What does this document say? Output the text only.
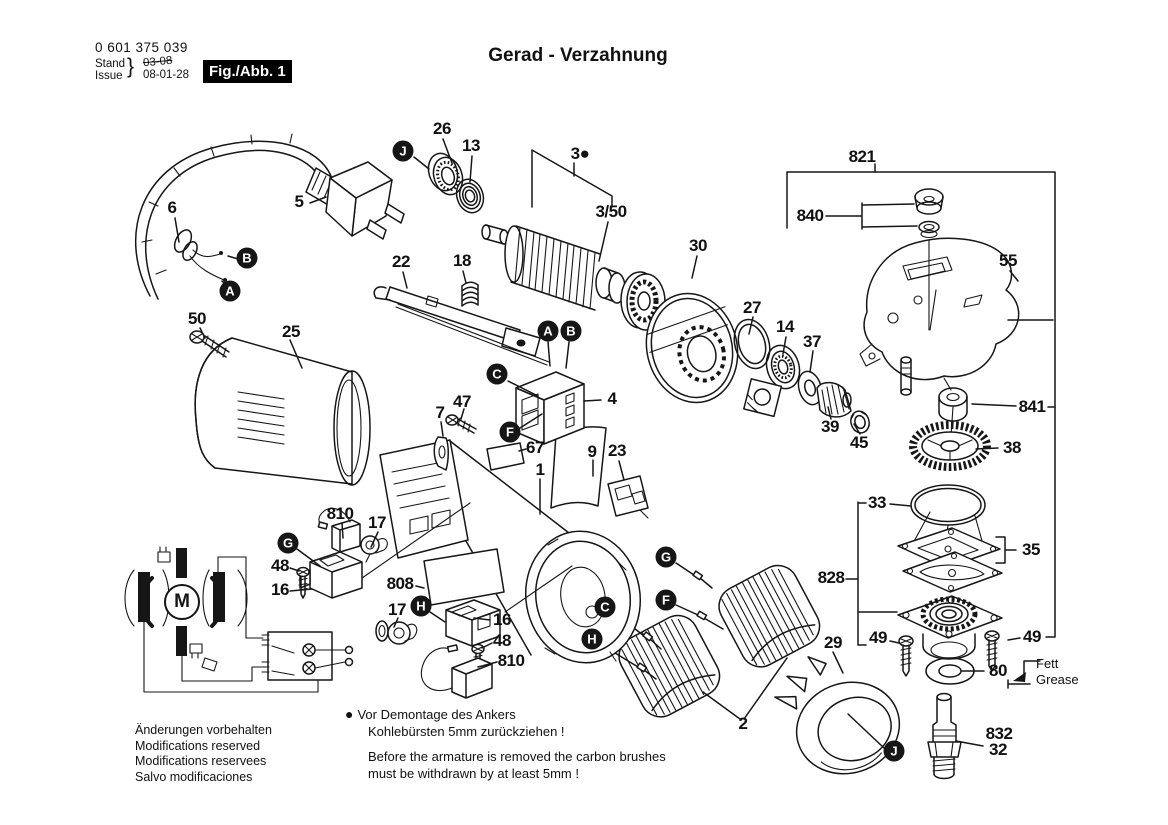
0 601 375 039
Stand
Issue } 03-08
08-01-28	Fig./Abb. 1
Gerad - Verzahnung
Fett
Grease
Änderungen vorbehalten
Modifications reserved
Modifications reservees
Salvo modificaciones
● Vor Demontage des Ankers
Kohlebürsten 5mm zurückziehen !
Before the armature is removed the carbon brushes
must be withdrawn by at least 5mm !
26
13	3●
3/50
5
6
50
25
22	18
30
27
14
37
39
45
55
821
840
841
38
33
35
828
49	49
80
832
32
29
2
9 23
1
67
4
47
7
810 17
48
16	808
17
16
48
810
J
B
A
A	B
C
F
G
H
G
F
C
H
J
M
